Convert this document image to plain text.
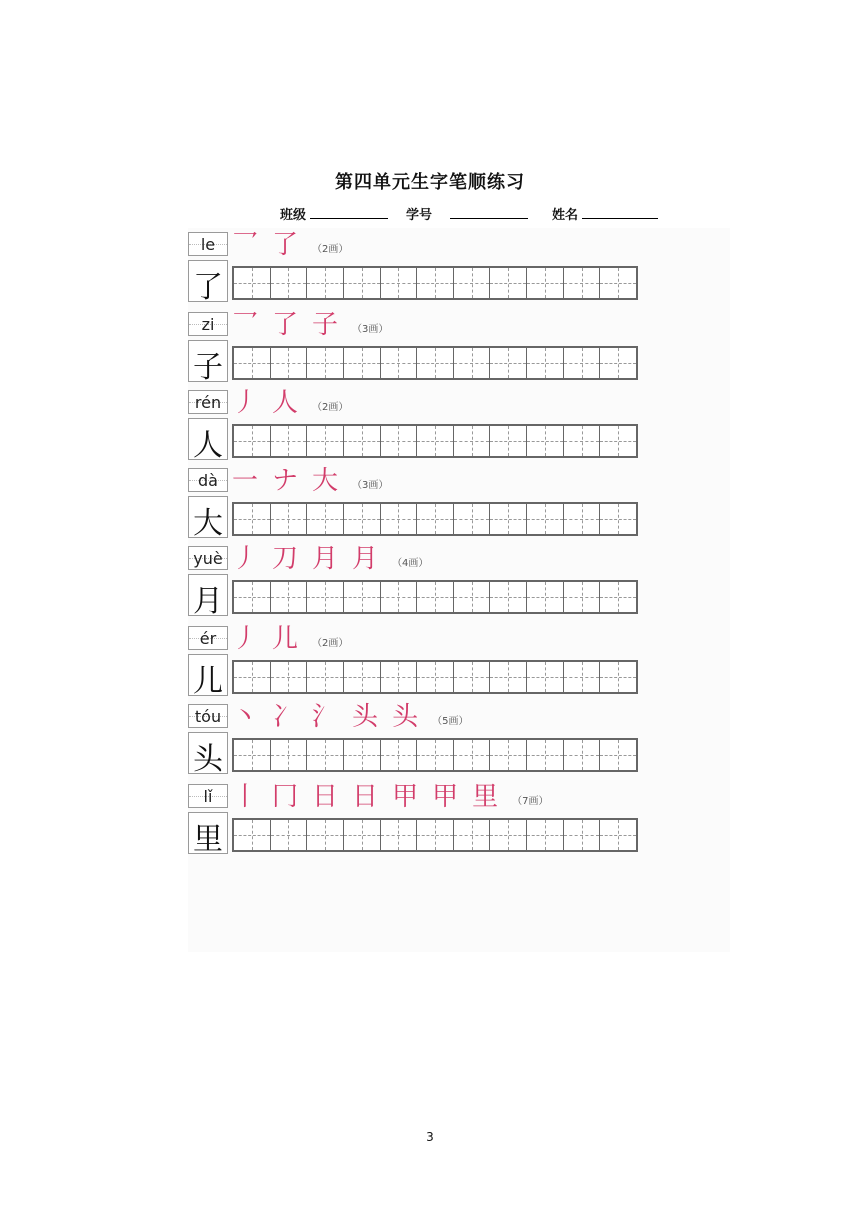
第四单元生字笔顺练习
班级	学号	姓名
le
了
乛 了 （2画）
zi
子
乛 了 子 （3画）
rén
人
丿 人 （2画）
dà
大
一 ナ 大 （3画）
yuè
月
丿 刀 月 月 （4画）
ér
儿
丿 儿 （2画）
tóu
头
丶 冫 氵 头 头 （5画）
lǐ
里
丨 冂 日 日 甲 甲 里 （7画）
3
